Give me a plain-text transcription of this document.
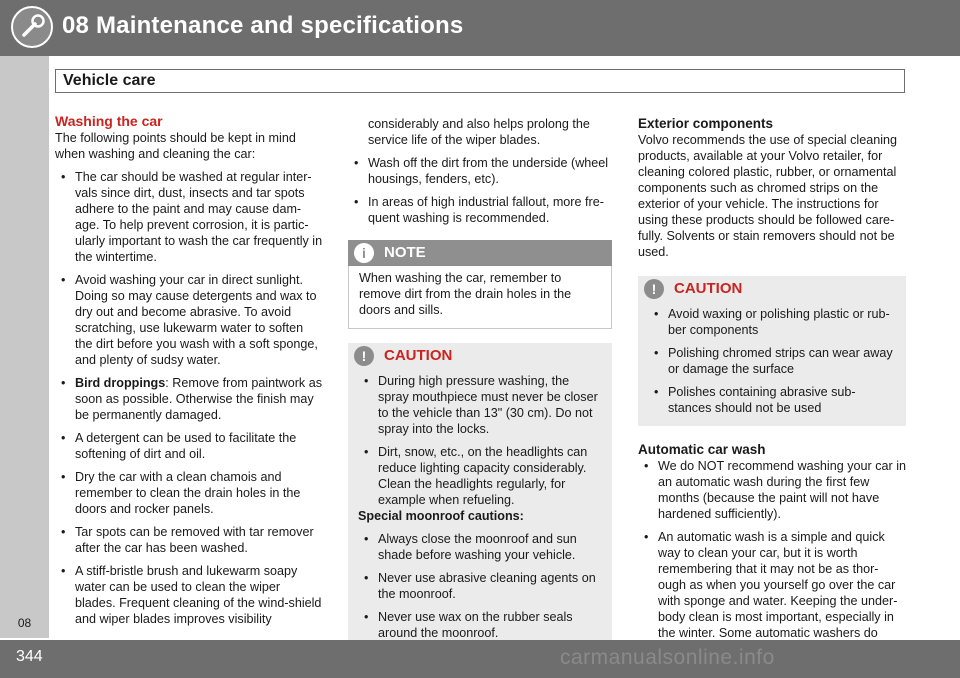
08 Maintenance and specifications
Vehicle care
08

Washing the car

The following points should be kept in mind when washing and cleaning the car:

• The car should be washed at regular inter-vals since dirt, dust, insects and tar spots adhere to the paint and may cause dam-age. To help prevent corrosion, it is partic-ularly important to wash the car frequently in the wintertime.
• Avoid washing your car in direct sunlight. Doing so may cause detergents and wax to dry out and become abrasive. To avoid scratching, use lukewarm water to soften the dirt before you wash with a soft sponge, and plenty of sudsy water.
• Bird droppings: Remove from paintwork as soon as possible. Otherwise the finish may be permanently damaged.
• A detergent can be used to facilitate the softening of dirt and oil.
• Dry the car with a clean chamois and remember to clean the drain holes in the doors and rocker panels.
• Tar spots can be removed with tar remover after the car has been washed.
• A stiff-bristle brush and lukewarm soapy water can be used to clean the wiper blades. Frequent cleaning of the wind-shield and wiper blades improves visibility

considerably and also helps prolong the service life of the wiper blades.

• Wash off the dirt from the underside (wheel housings, fenders, etc).
• In areas of high industrial fallout, more fre-quent washing is recommended.
i	NOTE
When washing the car, remember to remove dirt from the drain holes in the doors and sills.
!	CAUTION
• During high pressure washing, the spray mouthpiece must never be closer to the vehicle than 13" (30 cm). Do not spray into the locks.
• Dirt, snow, etc., on the headlights can reduce lighting capacity considerably. Clean the headlights regularly, for example when refueling.

Special moonroof cautions:

• Always close the moonroof and sun shade before washing your vehicle.
• Never use abrasive cleaning agents on the moonroof.
• Never use wax on the rubber seals around the moonroof.

Exterior components

Volvo recommends the use of special cleaning products, available at your Volvo retailer, for cleaning colored plastic, rubber, or ornamental components such as chromed strips on the exterior of your vehicle. The instructions for using these products should be followed care-fully. Solvents or stain removers should not be used.

!	CAUTION
• Avoid waxing or polishing plastic or rub-ber components
• Polishing chromed strips can wear away or damage the surface
• Polishes containing abrasive sub-stances should not be used

Automatic car wash

• We do NOT recommend washing your car in an automatic wash during the first few months (because the paint will not have hardened sufficiently).
• An automatic wash is a simple and quick way to clean your car, but it is worth remembering that it may not be as thor-ough as when you yourself go over the car with sponge and water. Keeping the under-body clean is most important, especially in the winter. Some automatic washers do
344	carmanualsonline.info
